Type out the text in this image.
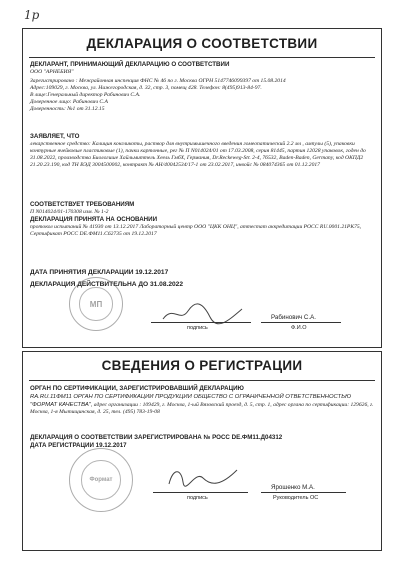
1р
ДЕКЛАРАЦИЯ О СООТВЕТСТВИИ
ДЕКЛАРАНТ, ПРИНИМАЮЩИЙ ДЕКЛАРАЦИЮ О СООТВЕТСТВИИ
ООО "АРНЕБИЯ"
Зарегистрировано : Межрайонная инспекция ФНС № 46 по г. Москва ОГРН 5147746099397 от 15.08.2014
Адрес:109029, г. Москва, ул. Нижегородская, д. 32, стр. 3, помещ 428. Телефон: 8(495)913-84-97.
В лице:Генеральный директор Рабинович С.А.
Доверенное лицо: Рабинович С.А
Доверенность: №1 от 31.12.15
ЗАЯВЛЯЕТ, ЧТО
лекарственное средство: Калиция конгликоты, раствор для внутримышечного введения гомеопатический 2.2 мл , ампулы (5), упаковки контурные ячейковые пластиковые (1), пачки картонные, рег № П N014024/01 от 17.03.2008, серия 81445, партия 12028 упаковок, годен до 31.08.2022, производства Биологише Хайльмиттель Хеель ГмбХ, Германия, Dr.Reckeweg-Str. 2-4, 76532, Baden-Baden, Germany, код ОКПД2 21.20.23.190, код ТН ВЭД 3004500002, контракт № АН/40042534/17-1 от 23.02.2017, инвойс № 084074365 от 01.12.2017
СООТВЕТСТВУЕТ ТРЕБОВАНИЯМ
П N014024/01-170308 изм. № 1-2
ДЕКЛАРАЦИЯ ПРИНЯТА НА ОСНОВАНИИ
протокол испытаний № 41930 от 13.12.2017 Лабораторный центр ООО "ЦКК ОНЦ", аттестат аккредитации РОСС RU.0001.21PK75, Сертификат РОСС DE.ФМ11.С62735 от 19.12.2017
ДАТА ПРИНЯТИЯ ДЕКЛАРАЦИИ 19.12.2017
ДЕКЛАРАЦИЯ ДЕЙСТВИТЕЛЬНА ДО 31.08.2022
MП
подпись
Рабинович С.А.
Ф.И.О
СВЕДЕНИЯ О РЕГИСТРАЦИИ
ОРГАН ПО СЕРТИФИКАЦИИ, ЗАРЕГИСТРИРОВАВШИЙ ДЕКЛАРАЦИЮ
RA.RU.11ФМ11 ОРГАН ПО СЕРТИФИКАЦИИ ПРОДУКЦИИ ОБЩЕСТВО С ОГРАНИЧЕННОЙ ОТВЕТСТВЕННОСТЬЮ "ФОРМАТ КАЧЕСТВА", адрес организации : 109429, г. Москва, 1-ый Вязовский проезд, д. 5, стр. 1, адрес органа по сертификации: 129626, г. Москва, 1-я Мытищинская, д. 25, тел. (495) 783-19-08
ДЕКЛАРАЦИЯ О СООТВЕТСТВИИ ЗАРЕГИСТРИРОВАНА № РОСС DE.ФМ11.Д04312
ДАТА РЕГИСТРАЦИИ 19.12.2017
Формат
подпись
Ярошенко М.А.
Руководитель ОС
